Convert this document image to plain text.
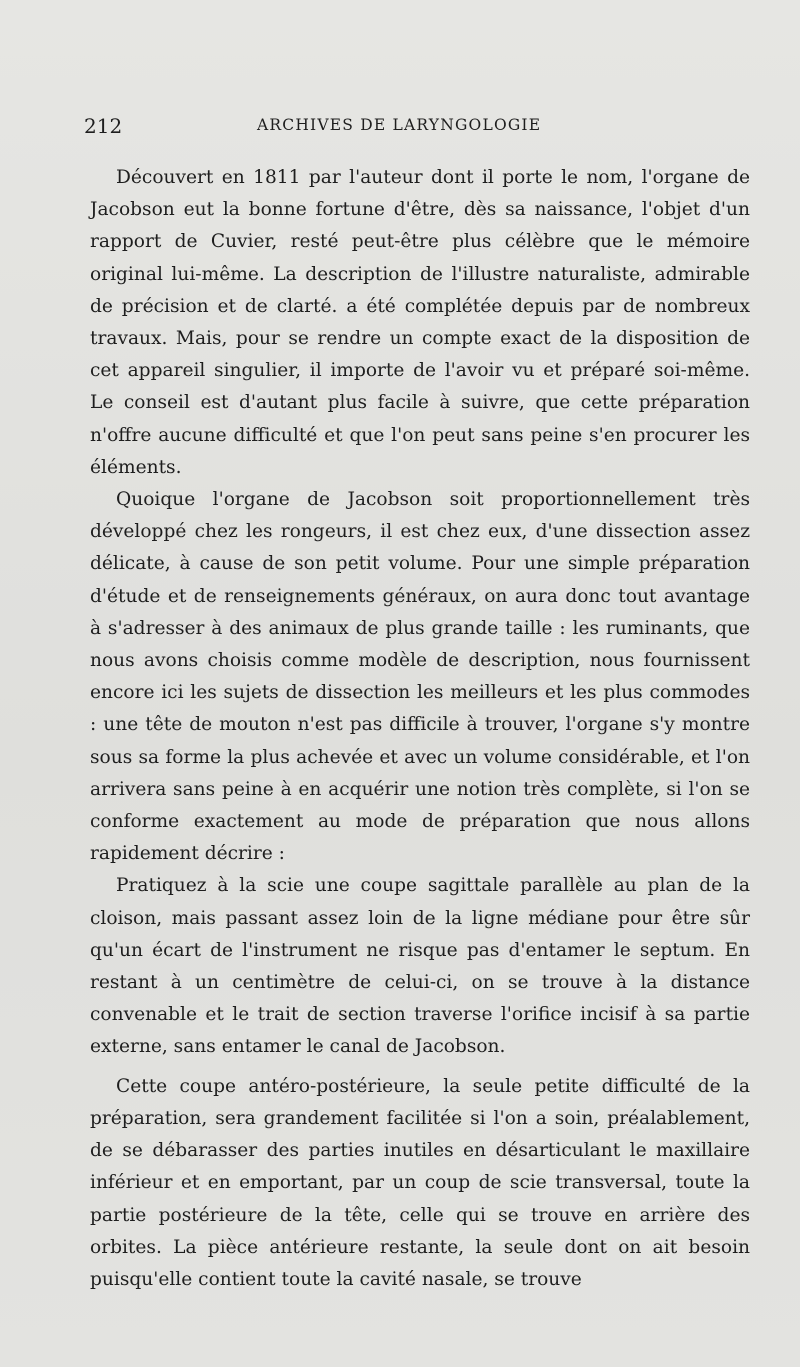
212	ARCHIVES DE LARYNGOLOGIE

Découvert en 1811 par l'auteur dont il porte le nom, l'organe de Jacobson eut la bonne fortune d'être, dès sa naissance, l'objet d'un rapport de Cuvier, resté peut-être plus célèbre que le mémoire original lui-même. La description de l'illustre naturaliste, admirable de précision et de clarté. a été complétée depuis par de nombreux travaux. Mais, pour se rendre un compte exact de la disposition de cet appareil singulier, il importe de l'avoir vu et préparé soi-même. Le conseil est d'autant plus facile à suivre, que cette préparation n'offre aucune difficulté et que l'on peut sans peine s'en procurer les éléments.

Quoique l'organe de Jacobson soit proportionnellement très développé chez les rongeurs, il est chez eux, d'une dissection assez délicate, à cause de son petit volume. Pour une simple préparation d'étude et de renseignements généraux, on aura donc tout avantage à s'adresser à des animaux de plus grande taille : les ruminants, que nous avons choisis comme modèle de description, nous fournissent encore ici les sujets de dissection les meilleurs et les plus commodes : une tête de mouton n'est pas difficile à trouver, l'organe s'y montre sous sa forme la plus achevée et avec un volume considérable, et l'on arrivera sans peine à en acquérir une notion très complète, si l'on se conforme exactement au mode de préparation que nous allons rapidement décrire :

Pratiquez à la scie une coupe sagittale parallèle au plan de la cloison, mais passant assez loin de la ligne médiane pour être sûr qu'un écart de l'instrument ne risque pas d'entamer le septum. En restant à un centimètre de celui-ci, on se trouve à la distance convenable et le trait de section traverse l'orifice incisif à sa partie externe, sans entamer le canal de Jacobson.

Cette coupe antéro-postérieure, la seule petite difficulté de la préparation, sera grandement facilitée si l'on a soin, préalablement, de se débarasser des parties inutiles en désarticulant le maxillaire inférieur et en emportant, par un coup de scie transversal, toute la partie postérieure de la tête, celle qui se trouve en arrière des orbites. La pièce antérieure restante, la seule dont on ait besoin puisqu'elle contient toute la cavité nasale, se trouve
